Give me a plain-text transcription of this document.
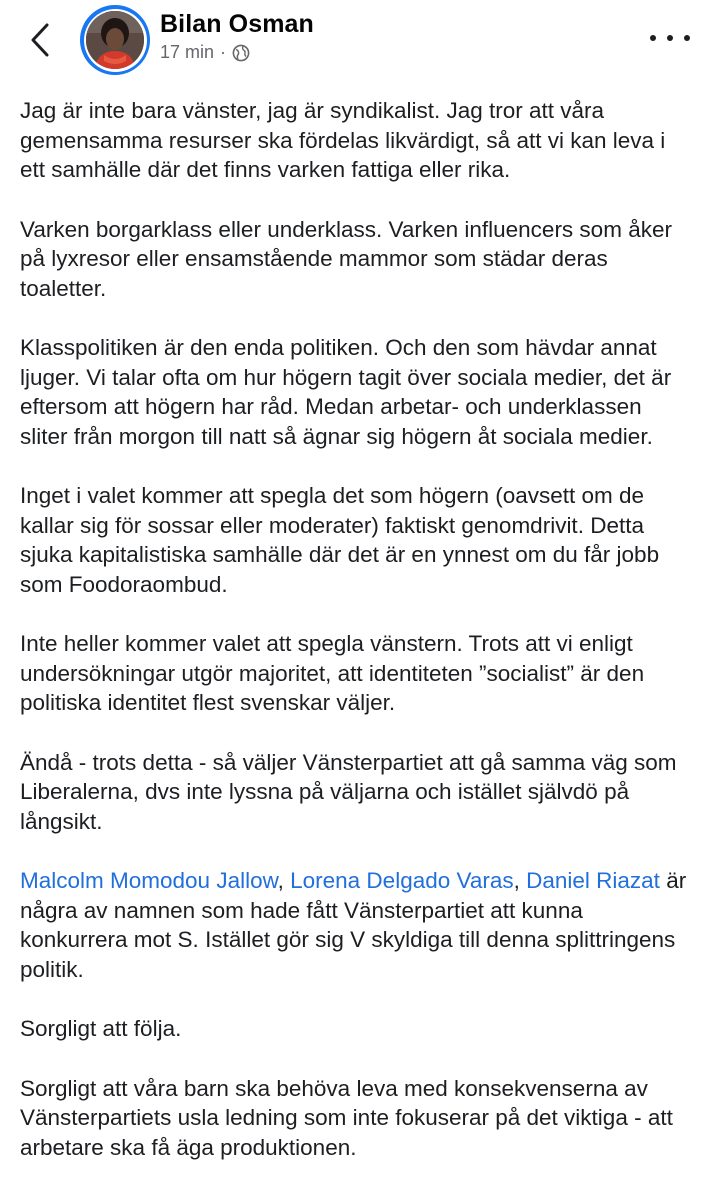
Bilan Osman
17 min ·

Jag är inte bara vänster, jag är syndikalist. Jag tror att våra gemensamma resurser ska fördelas likvärdigt, så att vi kan leva i ett samhälle där det finns varken fattiga eller rika.

Varken borgarklass eller underklass. Varken influencers som åker på lyxresor eller ensamstående mammor som städar deras toaletter.

Klasspolitiken är den enda politiken. Och den som hävdar annat ljuger. Vi talar ofta om hur högern tagit över sociala medier, det är eftersom att högern har råd. Medan arbetar- och underklassen sliter från morgon till natt så ägnar sig högern åt sociala medier.

Inget i valet kommer att spegla det som högern (oavsett om de kallar sig för sossar eller moderater) faktiskt genomdrivit. Detta sjuka kapitalistiska samhälle där det är en ynnest om du får jobb som Foodoraombud.

Inte heller kommer valet att spegla vänstern. Trots att vi enligt undersökningar utgör majoritet, att identiteten ”socialist” är den politiska identitet flest svenskar väljer.

Ändå - trots detta - så väljer Vänsterpartiet att gå samma väg som Liberalerna, dvs inte lyssna på väljarna och istället självdö på långsikt.

Malcolm Momodou Jallow, Lorena Delgado Varas, Daniel Riazat är några av namnen som hade fått Vänsterpartiet att kunna konkurrera mot S. Istället gör sig V skyldiga till denna splittringens politik.

Sorgligt att följa.

Sorgligt att våra barn ska behöva leva med konsekvenserna av Vänsterpartiets usla ledning som inte fokuserar på det viktiga - att arbetare ska få äga produktionen.
